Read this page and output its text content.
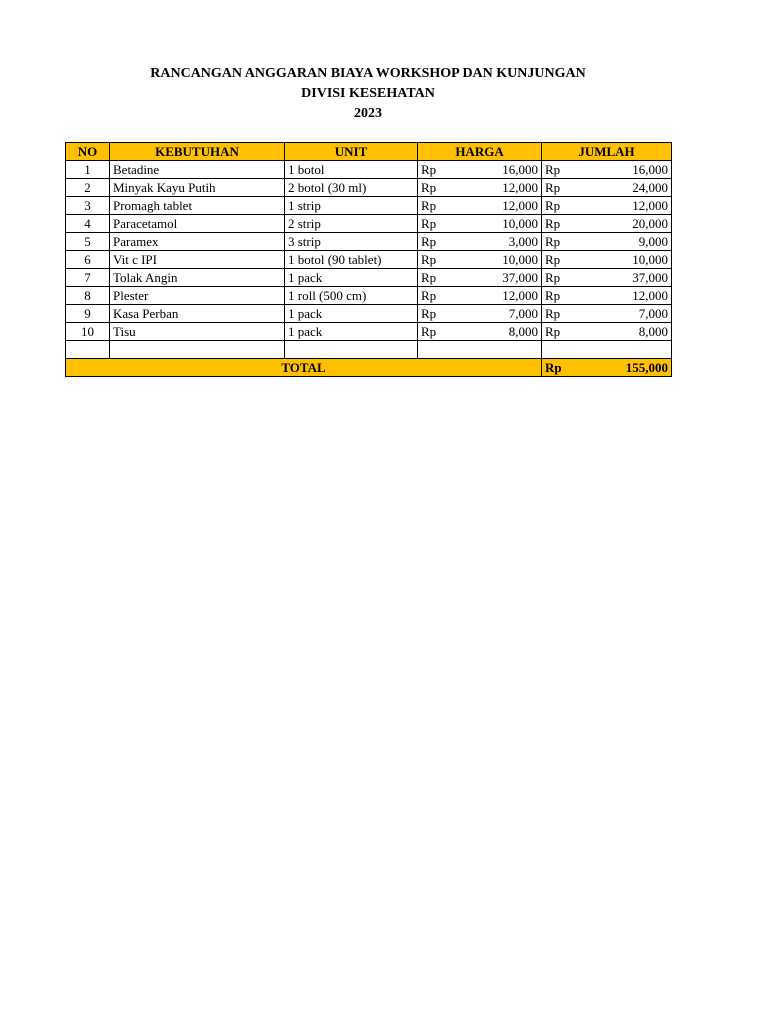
RANCANGAN ANGGARAN BIAYA WORKSHOP DAN KUNJUNGAN
DIVISI KESEHATAN
2023
NO	KEBUTUHAN	UNIT	HARGA		JUMLAH	
1	Betadine	1 botol	Rp	16,000	Rp	16,000
2	Minyak Kayu Putih	2 botol (30 ml)	Rp	12,000	Rp	24,000
3	Promagh tablet	1 strip	Rp	12,000	Rp	12,000
4	Paracetamol	2 strip	Rp	10,000	Rp	20,000
5	Paramex	3 strip	Rp	3,000	Rp	9,000
6	Vit c IPI	1 botol (90 tablet)	Rp	10,000	Rp	10,000
7	Tolak Angin	1 pack	Rp	37,000	Rp	37,000
8	Plester	1 roll (500 cm)	Rp	12,000	Rp	12,000
9	Kasa Perban	1 pack	Rp	7,000	Rp	7,000
10	Tisu	1 pack	Rp	8,000	Rp	8,000

TOTAL					Rp	155,000
